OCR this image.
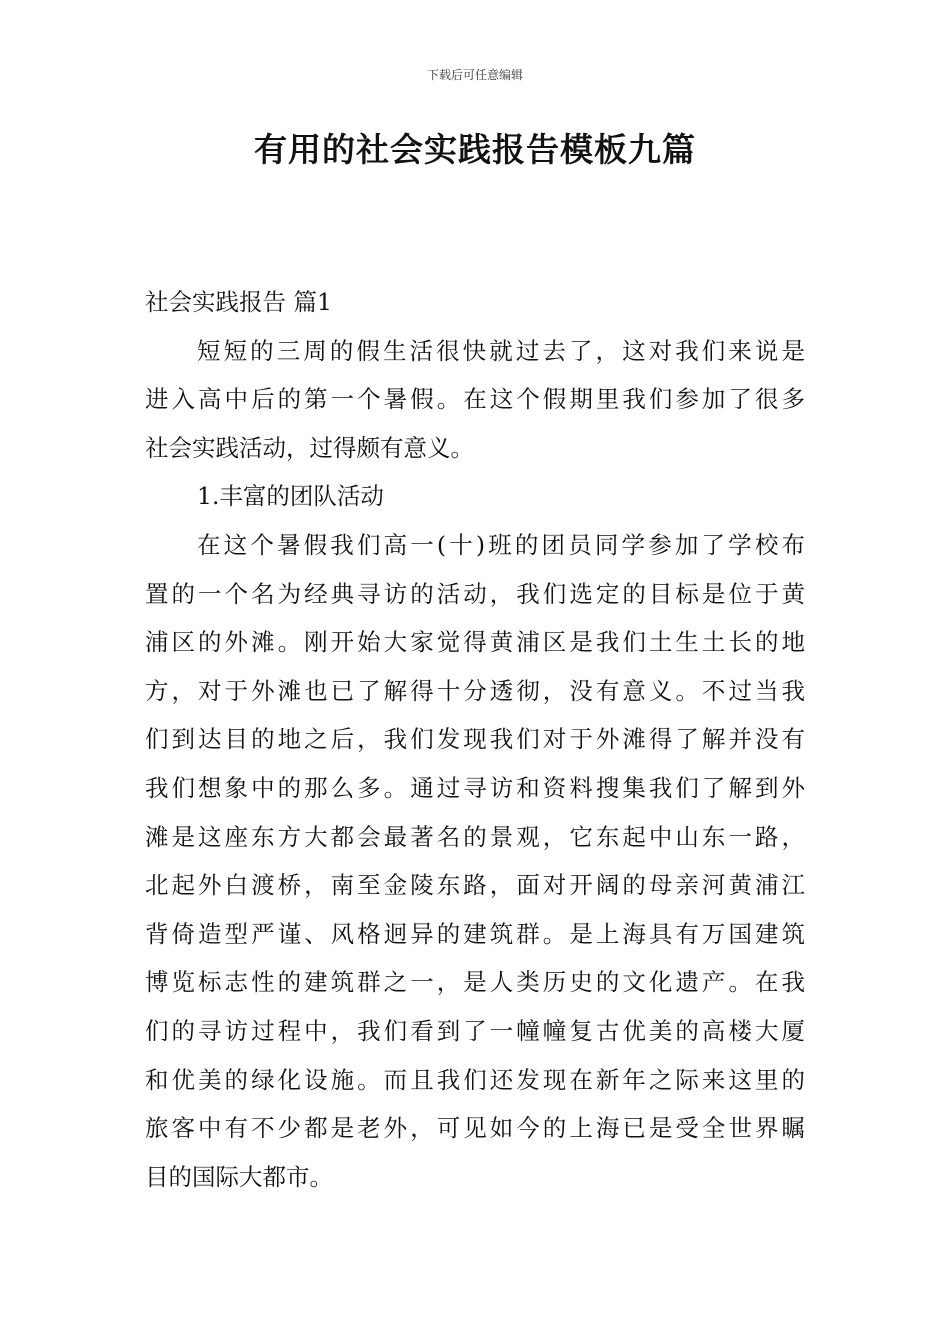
下载后可任意编辑
有用的社会实践报告模板九篇
社会实践报告 篇1
短短的三周的假生活很快就过去了，这对我们来说是
进入高中后的第一个暑假。在这个假期里我们参加了很多
社会实践活动，过得颇有意义。
1.丰富的团队活动
在这个暑假我们高一(十)班的团员同学参加了学校布
置的一个名为经典寻访的活动，我们选定的目标是位于黄
浦区的外滩。刚开始大家觉得黄浦区是我们土生土长的地
方，对于外滩也已了解得十分透彻，没有意义。不过当我
们到达目的地之后，我们发现我们对于外滩得了解并没有
我们想象中的那么多。通过寻访和资料搜集我们了解到外
滩是这座东方大都会最著名的景观，它东起中山东一路，
北起外白渡桥，南至金陵东路，面对开阔的母亲河黄浦江
背倚造型严谨、风格迥异的建筑群。是上海具有万国建筑
博览标志性的建筑群之一，是人类历史的文化遗产。在我
们的寻访过程中，我们看到了一幢幢复古优美的高楼大厦
和优美的绿化设施。而且我们还发现在新年之际来这里的
旅客中有不少都是老外，可见如今的上海已是受全世界瞩
目的国际大都市。
